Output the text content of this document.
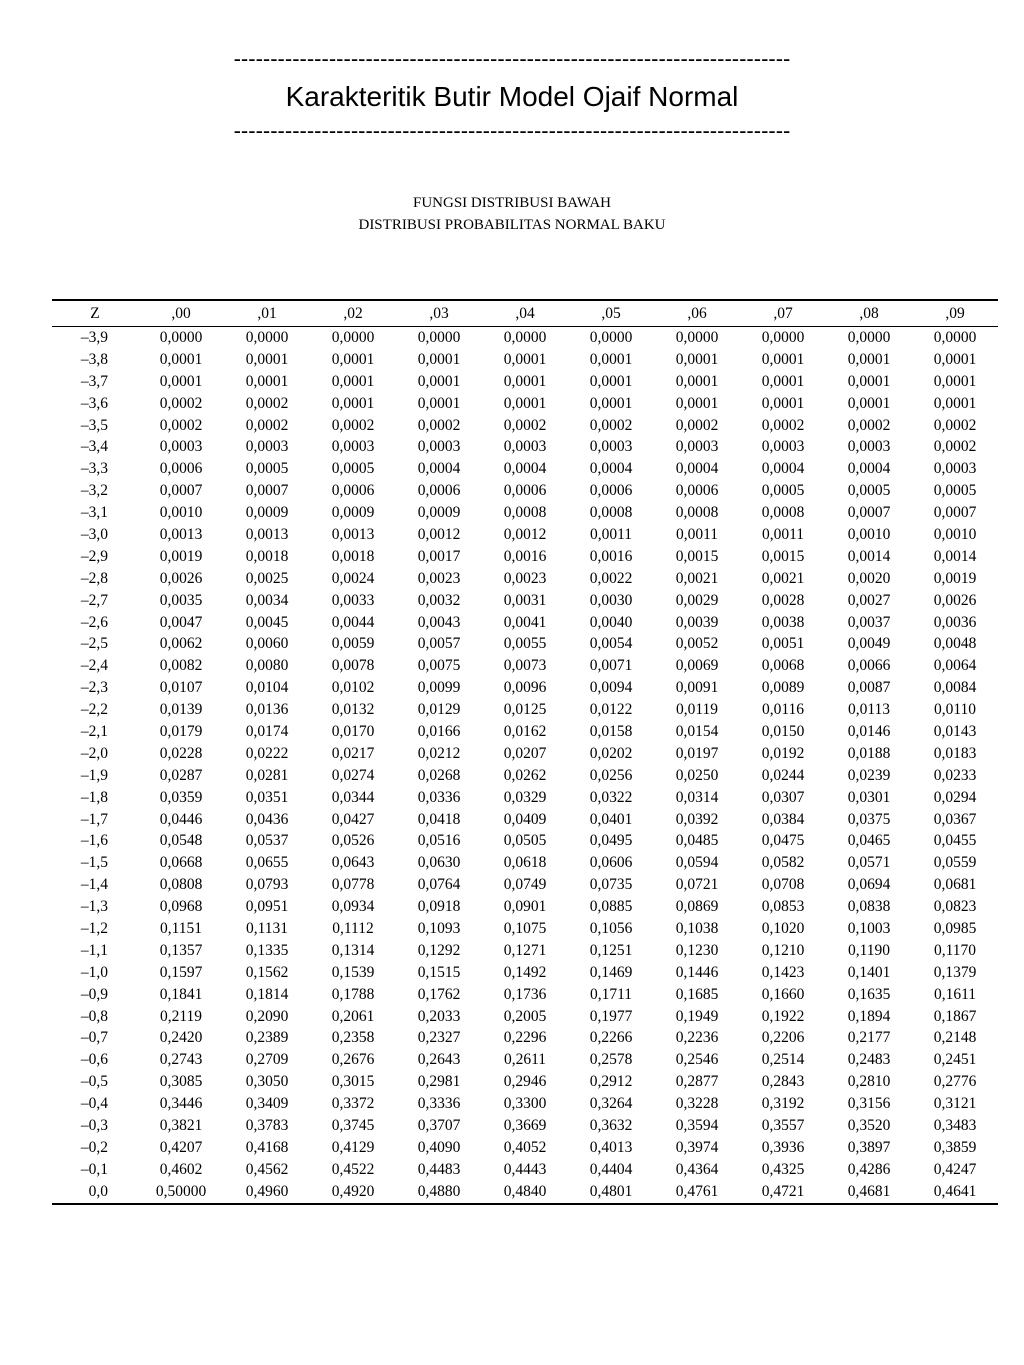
----------------------------------------------------------------------------
Karakteritik Butir Model Ojaif Normal
----------------------------------------------------------------------------
FUNGSI DISTRIBUSI BAWAH
DISTRIBUSI PROBABILITAS NORMAL BAKU
Z	,00	,01	,02	,03	,04	,05	,06	,07	,08	,09
–3,9	0,0000	0,0000	0,0000	0,0000	0,0000	0,0000	0,0000	0,0000	0,0000	0,0000
–3,8	0,0001	0,0001	0,0001	0,0001	0,0001	0,0001	0,0001	0,0001	0,0001	0,0001
–3,7	0,0001	0,0001	0,0001	0,0001	0,0001	0,0001	0,0001	0,0001	0,0001	0,0001
–3,6	0,0002	0,0002	0,0001	0,0001	0,0001	0,0001	0,0001	0,0001	0,0001	0,0001
–3,5	0,0002	0,0002	0,0002	0,0002	0,0002	0,0002	0,0002	0,0002	0,0002	0,0002
–3,4	0,0003	0,0003	0,0003	0,0003	0,0003	0,0003	0,0003	0,0003	0,0003	0,0002
–3,3	0,0006	0,0005	0,0005	0,0004	0,0004	0,0004	0,0004	0,0004	0,0004	0,0003
–3,2	0,0007	0,0007	0,0006	0,0006	0,0006	0,0006	0,0006	0,0005	0,0005	0,0005
–3,1	0,0010	0,0009	0,0009	0,0009	0,0008	0,0008	0,0008	0,0008	0,0007	0,0007
–3,0	0,0013	0,0013	0,0013	0,0012	0,0012	0,0011	0,0011	0,0011	0,0010	0,0010
–2,9	0,0019	0,0018	0,0018	0,0017	0,0016	0,0016	0,0015	0,0015	0,0014	0,0014
–2,8	0,0026	0,0025	0,0024	0,0023	0,0023	0,0022	0,0021	0,0021	0,0020	0,0019
–2,7	0,0035	0,0034	0,0033	0,0032	0,0031	0,0030	0,0029	0,0028	0,0027	0,0026
–2,6	0,0047	0,0045	0,0044	0,0043	0,0041	0,0040	0,0039	0,0038	0,0037	0,0036
–2,5	0,0062	0,0060	0,0059	0,0057	0,0055	0,0054	0,0052	0,0051	0,0049	0,0048
–2,4	0,0082	0,0080	0,0078	0,0075	0,0073	0,0071	0,0069	0,0068	0,0066	0,0064
–2,3	0,0107	0,0104	0,0102	0,0099	0,0096	0,0094	0,0091	0,0089	0,0087	0,0084
–2,2	0,0139	0,0136	0,0132	0,0129	0,0125	0,0122	0,0119	0,0116	0,0113	0,0110
–2,1	0,0179	0,0174	0,0170	0,0166	0,0162	0,0158	0,0154	0,0150	0,0146	0,0143
–2,0	0,0228	0,0222	0,0217	0,0212	0,0207	0,0202	0,0197	0,0192	0,0188	0,0183
–1,9	0,0287	0,0281	0,0274	0,0268	0,0262	0,0256	0,0250	0,0244	0,0239	0,0233
–1,8	0,0359	0,0351	0,0344	0,0336	0,0329	0,0322	0,0314	0,0307	0,0301	0,0294
–1,7	0,0446	0,0436	0,0427	0,0418	0,0409	0,0401	0,0392	0,0384	0,0375	0,0367
–1,6	0,0548	0,0537	0,0526	0,0516	0,0505	0,0495	0,0485	0,0475	0,0465	0,0455
–1,5	0,0668	0,0655	0,0643	0,0630	0,0618	0,0606	0,0594	0,0582	0,0571	0,0559
–1,4	0,0808	0,0793	0,0778	0,0764	0,0749	0,0735	0,0721	0,0708	0,0694	0,0681
–1,3	0,0968	0,0951	0,0934	0,0918	0,0901	0,0885	0,0869	0,0853	0,0838	0,0823
–1,2	0,1151	0,1131	0,1112	0,1093	0,1075	0,1056	0,1038	0,1020	0,1003	0,0985
–1,1	0,1357	0,1335	0,1314	0,1292	0,1271	0,1251	0,1230	0,1210	0,1190	0,1170
–1,0	0,1597	0,1562	0,1539	0,1515	0,1492	0,1469	0,1446	0,1423	0,1401	0,1379
–0,9	0,1841	0,1814	0,1788	0,1762	0,1736	0,1711	0,1685	0,1660	0,1635	0,1611
–0,8	0,2119	0,2090	0,2061	0,2033	0,2005	0,1977	0,1949	0,1922	0,1894	0,1867
–0,7	0,2420	0,2389	0,2358	0,2327	0,2296	0,2266	0,2236	0,2206	0,2177	0,2148
–0,6	0,2743	0,2709	0,2676	0,2643	0,2611	0,2578	0,2546	0,2514	0,2483	0,2451
–0,5	0,3085	0,3050	0,3015	0,2981	0,2946	0,2912	0,2877	0,2843	0,2810	0,2776
–0,4	0,3446	0,3409	0,3372	0,3336	0,3300	0,3264	0,3228	0,3192	0,3156	0,3121
–0,3	0,3821	0,3783	0,3745	0,3707	0,3669	0,3632	0,3594	0,3557	0,3520	0,3483
–0,2	0,4207	0,4168	0,4129	0,4090	0,4052	0,4013	0,3974	0,3936	0,3897	0,3859
–0,1	0,4602	0,4562	0,4522	0,4483	0,4443	0,4404	0,4364	0,4325	0,4286	0,4247
0,0	0,50000	0,4960	0,4920	0,4880	0,4840	0,4801	0,4761	0,4721	0,4681	0,4641
